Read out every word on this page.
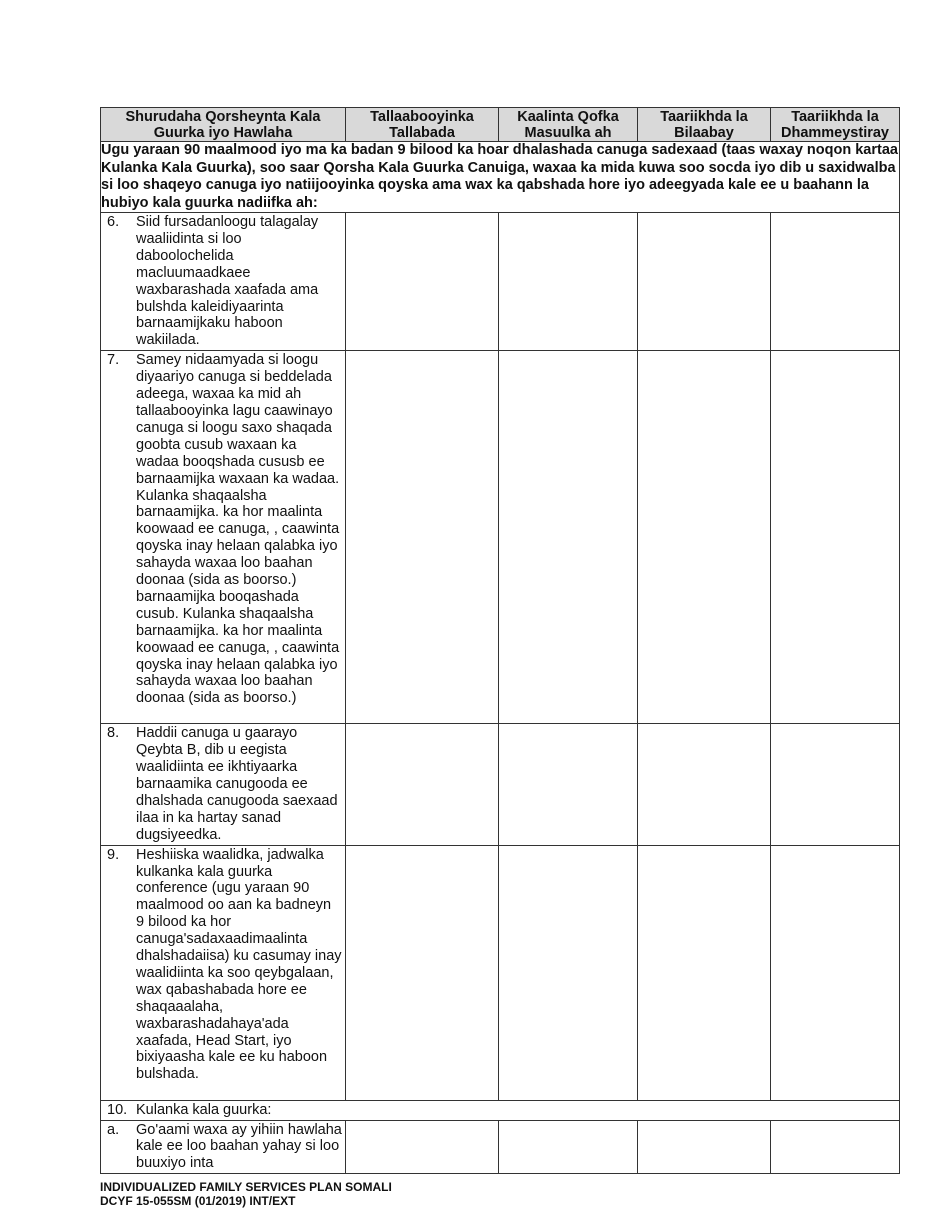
Shurudaha Qorsheynta Kala Guurka iyo Hawlaha	Tallaabooyinka Tallabada	Kaalinta Qofka Masuulka ah	Taariikhda la Bilaabay	Taariikhda la Dhammeystiray
Ugu yaraan 90 maalmood iyo ma ka badan 9 bilood ka hoar dhalashada canuga sadexaad (taas waxay noqon kartaa Kulanka Kala Guurka), soo saar Qorsha Kala Guurka Canuiga, waxaa ka mida kuwa soo socda iyo dib u saxidwalba si loo shaqeyo canuga iyo natiijooyinka qoyska ama wax ka qabshada hore iyo adeegyada kale ee u baahann la hubiyo kala guurka nadiifka ah:				

6. Siid fursadanloogu talagalay waaliidinta si loo daboolochelida macluumaadkaee waxbarashada xaafada ama bulshda kaleidiyaarinta barnaamijkaku haboon wakiilada.				

7. Samey nidaamyada si loogu diyaariyo canuga si beddelada adeega, waxaa ka mid ah tallaabooyinka lagu caawinayo canuga si loogu saxo shaqada goobta cusub waxaan ka wadaa booqshada cususb ee barnaamijka waxaan ka wadaa. Kulanka shaqaalsha barnaamijka. ka hor maalinta koowaad ee canuga, , caawinta qoyska inay helaan qalabka iyo sahayda waxaa loo baahan doonaa (sida as boorso.) barnaamijka booqashada cusub. Kulanka shaqaalsha barnaamijka. ka hor maalinta koowaad ee canuga, , caawinta qoyska inay helaan qalabka iyo sahayda waxaa loo baahan doonaa (sida as boorso.)				

8. Haddii canuga u gaarayo Qeybta B, dib u eegista waalidiinta ee ikhtiyaarka barnaamika canugooda ee dhalshada canugooda saexaad ilaa in ka hartay sanad dugsiyeedka.				

9. Heshiiska waalidka, jadwalka kulkanka kala guurka conference (ugu yaraan 90 maalmood oo aan ka badneyn 9 bilood ka hor canuga'sadaxaadimaalinta dhalshadaiisa) ku casumay inay waalidiinta ka soo qeybgalaan, wax qabashabada hore ee shaqaaalaha, waxbarashadahaya'ada xaafada, Head Start, iyo bixiyaasha kale ee ku haboon bulshada.				

10. Kulanka kala guurka:				

a. Go'aami waxa ay yihiin hawlaha kale ee loo baahan yahay si loo buuxiyo inta				

INDIVIDUALIZED FAMILY SERVICES PLAN SOMALI
DCYF 15-055SM (01/2019) INT/EXT
